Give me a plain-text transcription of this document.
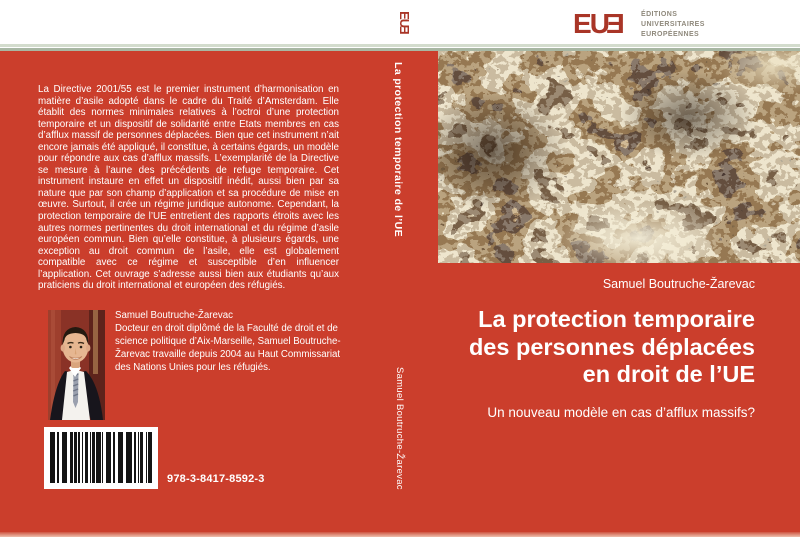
EUE ÉDITIONS
UNIVERSITAIRES
EUROPÉENNES
EUE
La protection temporaire de l’UE
Samuel Boutruche-Žarevac
Samuel Boutruche-Žarevac
La protection temporaire
des personnes déplacées
en droit de l’UE
Un nouveau modèle en cas d’afflux massifs?
La Directive 2001/55 est le premier instrument d’harmonisation en matière d’asile adopté dans le cadre du Traité d’Amsterdam. Elle établit des normes minimales relatives à l’octroi d’une protection temporaire et un dispositif de solidarité entre Etats membres en cas d’afflux massif de personnes déplacées. Bien que cet instrument n’ait encore jamais été appliqué, il constitue, à certains égards, un modèle pour répondre aux cas d’afflux massifs. L’exemplarité de la Directive se mesure à l’aune des précédents de refuge temporaire. Cet instrument instaure en effet un dispositif inédit, aussi bien par sa nature que par son champ d’application et sa procédure de mise en œuvre. Surtout, il crée un régime juridique autonome. Cependant, la protection temporaire de l’UE entretient des rapports étroits avec les autres normes pertinentes du droit international et du régime d’asile européen commun. Bien qu’elle constitue, à plusieurs égards, une exception au droit commun de l’asile, elle est globalement compatible avec ce régime et susceptible d’en influencer l’application. Cet ouvrage s’adresse aussi bien aux étudiants qu’aux praticiens du droit international et européen des réfugiés.
Samuel Boutruche-Žarevac
Docteur en droit diplômé de la Faculté de droit et de science politique d’Aix-Marseille, Samuel Boutruche-Žarevac travaille depuis 2004 au Haut Commissariat des Nations Unies pour les réfugiés.
978-3-8417-8592-3
